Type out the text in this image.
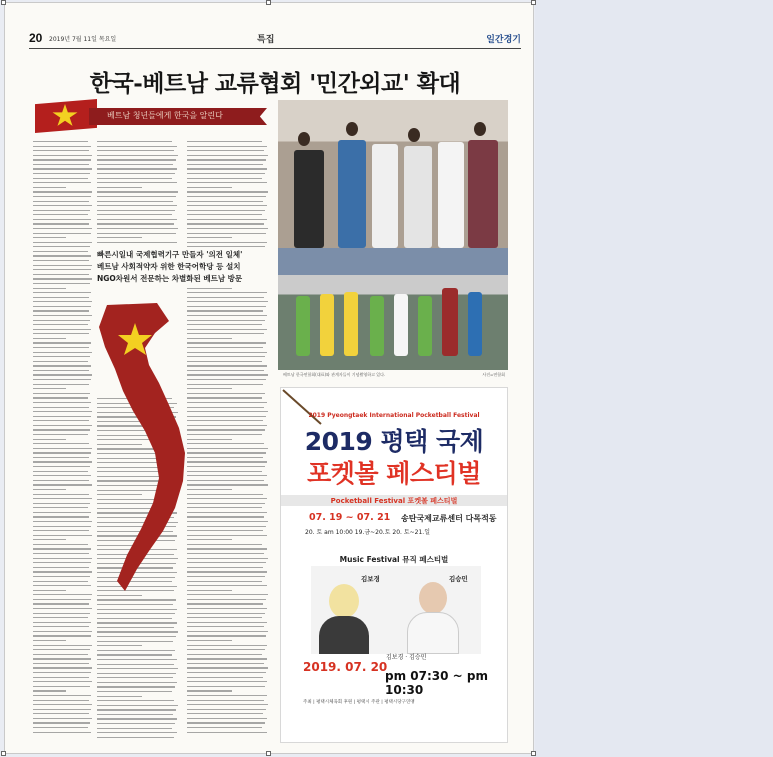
20 2019년 7월 11일 목요일	특집	일간경기
한국-베트남 교류협회 '민간외교' 확대
베트남 청년들에게 한국을 알린다
빠른시일내 국제협력기구 만들자 '의전 일체'
베트남 사회적약자 위한 한국어학당 등 설치
NGO차원서 전문하는 차별화된 베트남 방문
베트남 한국연합회(대표)와 관계자들이 기념촬영하고 있다.	사진=연합회
2019 Pyeongtaek International Pocketball Festival
2019 평택 국제
포켓볼 페스티벌
Pocketball Festival 포켓볼 페스티벌
07. 19 ~ 07. 21 송탄국제교류센터 다목적동
20. 토 am 10:00 19.금~20.토 20. 토~21.일
Music Festival 뮤직 페스티벌
김보경	김승민
2019. 07. 20
김보경 · 김승민
pm 07:30 ~ pm 10:30
주최 | 평택시체육회 후원 | 평택시 주관 | 평택시당구연맹
